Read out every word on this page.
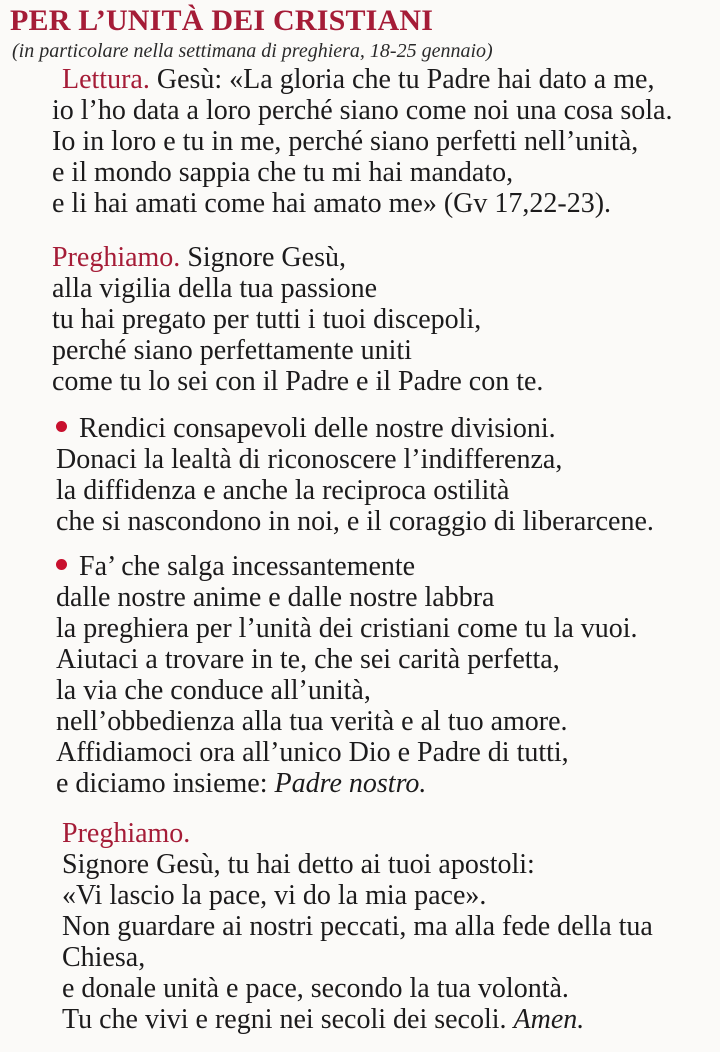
PER L’UNITÀ DEI CRISTIANI
(in particolare nella settimana di preghiera, 18-25 gennaio)
Lettura. Gesù: «La gloria che tu Padre hai dato a me,
io l’ho data a loro perché siano come noi una cosa sola.
Io in loro e tu in me, perché siano perfetti nell’unità,
e il mondo sappia che tu mi hai mandato,
e li hai amati come hai amato me» (Gv 17,22-23).
Preghiamo. Signore Gesù,
alla vigilia della tua passione
tu hai pregato per tutti i tuoi discepoli,
perché siano perfettamente uniti
come tu lo sei con il Padre e il Padre con te.
Rendici consapevoli delle nostre divisioni.
Donaci la lealtà di riconoscere l’indifferenza,
la diffidenza e anche la reciproca ostilità
che si nascondono in noi, e il coraggio di liberarcene.
Fa’ che salga incessantemente
dalle nostre anime e dalle nostre labbra
la preghiera per l’unità dei cristiani come tu la vuoi.
Aiutaci a trovare in te, che sei carità perfetta,
la via che conduce all’unità,
nell’obbedienza alla tua verità e al tuo amore.
Affidiamoci ora all’unico Dio e Padre di tutti,
e diciamo insieme: Padre nostro.
Preghiamo.
Signore Gesù, tu hai detto ai tuoi apostoli:
«Vi lascio la pace, vi do la mia pace».
Non guardare ai nostri peccati, ma alla fede della tua
Chiesa,
e donale unità e pace, secondo la tua volontà.
Tu che vivi e regni nei secoli dei secoli. Amen.
